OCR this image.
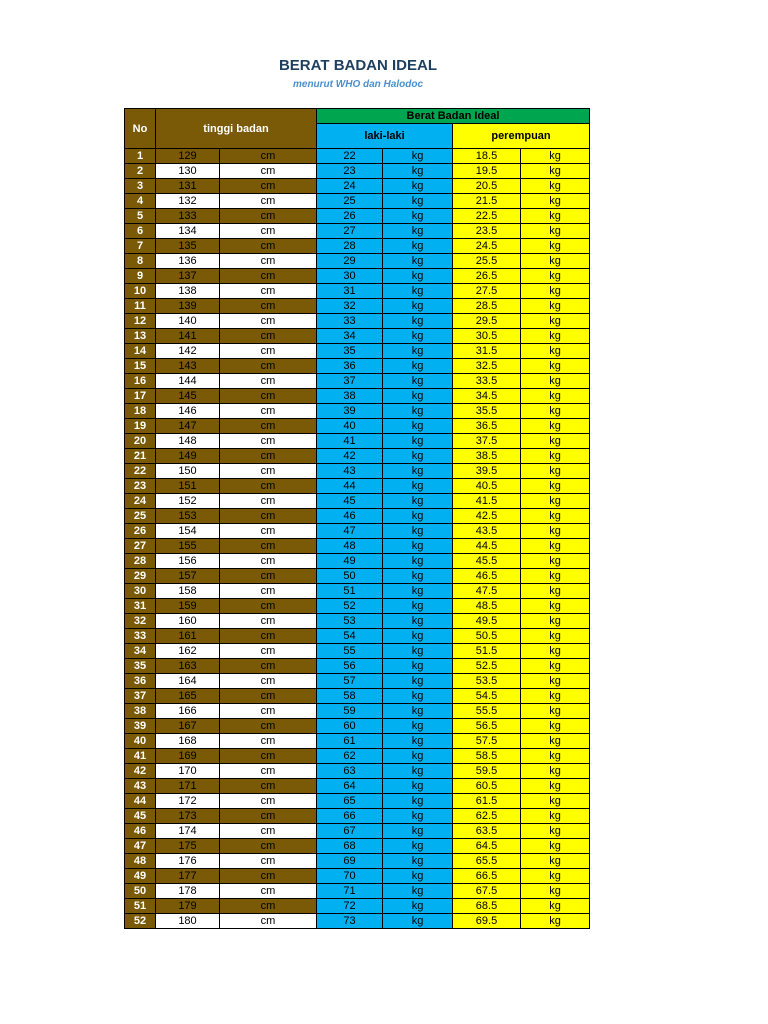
BERAT BADAN IDEAL
menurut WHO dan Halodoc
No	tinggi badan		Berat Badan Ideal			
			laki-laki		perempuan	
1	129	cm	22	kg	18.5	kg
2	130	cm	23	kg	19.5	kg
3	131	cm	24	kg	20.5	kg
4	132	cm	25	kg	21.5	kg
5	133	cm	26	kg	22.5	kg
6	134	cm	27	kg	23.5	kg
7	135	cm	28	kg	24.5	kg
8	136	cm	29	kg	25.5	kg
9	137	cm	30	kg	26.5	kg
10	138	cm	31	kg	27.5	kg
11	139	cm	32	kg	28.5	kg
12	140	cm	33	kg	29.5	kg
13	141	cm	34	kg	30.5	kg
14	142	cm	35	kg	31.5	kg
15	143	cm	36	kg	32.5	kg
16	144	cm	37	kg	33.5	kg
17	145	cm	38	kg	34.5	kg
18	146	cm	39	kg	35.5	kg
19	147	cm	40	kg	36.5	kg
20	148	cm	41	kg	37.5	kg
21	149	cm	42	kg	38.5	kg
22	150	cm	43	kg	39.5	kg
23	151	cm	44	kg	40.5	kg
24	152	cm	45	kg	41.5	kg
25	153	cm	46	kg	42.5	kg
26	154	cm	47	kg	43.5	kg
27	155	cm	48	kg	44.5	kg
28	156	cm	49	kg	45.5	kg
29	157	cm	50	kg	46.5	kg
30	158	cm	51	kg	47.5	kg
31	159	cm	52	kg	48.5	kg
32	160	cm	53	kg	49.5	kg
33	161	cm	54	kg	50.5	kg
34	162	cm	55	kg	51.5	kg
35	163	cm	56	kg	52.5	kg
36	164	cm	57	kg	53.5	kg
37	165	cm	58	kg	54.5	kg
38	166	cm	59	kg	55.5	kg
39	167	cm	60	kg	56.5	kg
40	168	cm	61	kg	57.5	kg
41	169	cm	62	kg	58.5	kg
42	170	cm	63	kg	59.5	kg
43	171	cm	64	kg	60.5	kg
44	172	cm	65	kg	61.5	kg
45	173	cm	66	kg	62.5	kg
46	174	cm	67	kg	63.5	kg
47	175	cm	68	kg	64.5	kg
48	176	cm	69	kg	65.5	kg
49	177	cm	70	kg	66.5	kg
50	178	cm	71	kg	67.5	kg
51	179	cm	72	kg	68.5	kg
52	180	cm	73	kg	69.5	kg
